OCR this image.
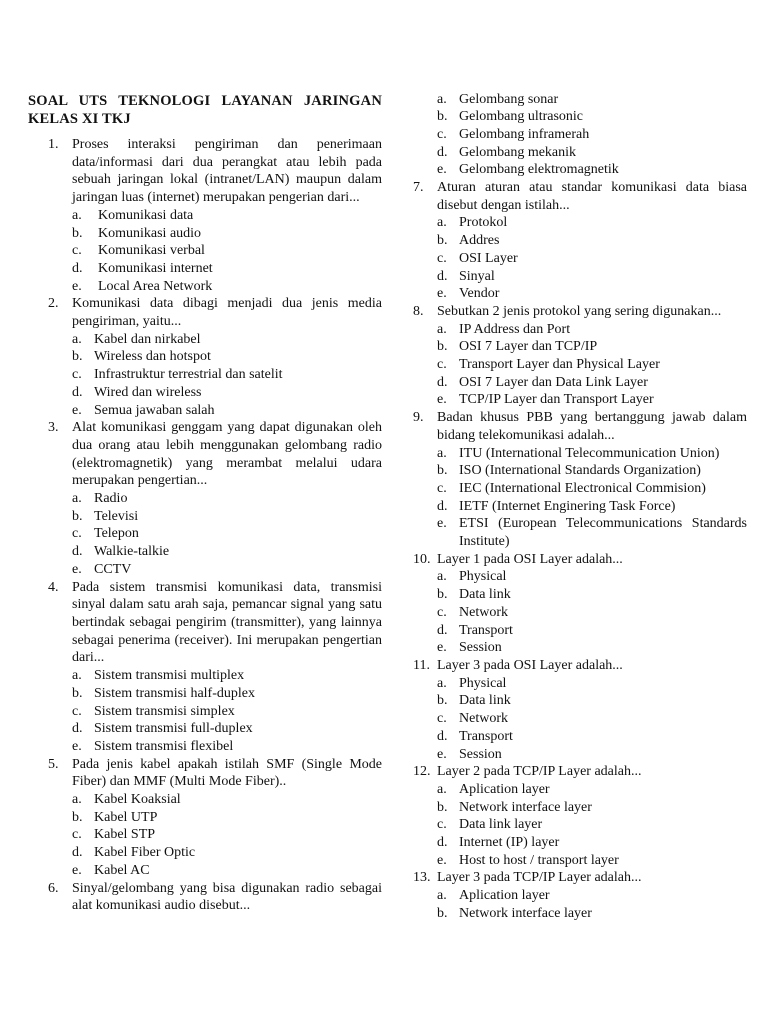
SOAL UTS TEKNOLOGI LAYANAN JARINGAN
KELAS XI TKJ
1. Proses interaksi pengiriman dan penerimaan data/informasi dari dua perangkat atau lebih pada sebuah jaringan lokal (intranet/LAN) maupun dalam jaringan luas (internet) merupakan pengerian dari...
a. Komunikasi data
b. Komunikasi audio
c. Komunikasi verbal
d. Komunikasi internet
e. Local Area Network
2. Komunikasi data dibagi menjadi dua jenis media pengiriman, yaitu...
a. Kabel dan nirkabel
b. Wireless dan hotspot
c. Infrastruktur terrestrial dan satelit
d. Wired dan wireless
e. Semua jawaban salah
3. Alat komunikasi genggam yang dapat digunakan oleh dua orang atau lebih menggunakan gelombang radio (elektromagnetik) yang merambat melalui udara merupakan pengertian...
a. Radio
b. Televisi
c. Telepon
d. Walkie-talkie
e. CCTV
4. Pada sistem transmisi komunikasi data, transmisi sinyal dalam satu arah saja, pemancar signal yang satu bertindak sebagai pengirim (transmitter), yang lainnya sebagai penerima (receiver). Ini merupakan pengertian dari...
a. Sistem transmisi multiplex
b. Sistem transmisi half-duplex
c. Sistem transmisi simplex
d. Sistem transmisi full-duplex
e. Sistem transmisi flexibel
5. Pada jenis kabel apakah istilah SMF (Single Mode Fiber) dan MMF (Multi Mode Fiber)..
a. Kabel Koaksial
b. Kabel UTP
c. Kabel STP
d. Kabel Fiber Optic
e. Kabel AC
6. Sinyal/gelombang yang bisa digunakan radio sebagai alat komunikasi audio disebut...
a. Gelombang sonar
b. Gelombang ultrasonic
c. Gelombang inframerah
d. Gelombang mekanik
e. Gelombang elektromagnetik
7. Aturan aturan atau standar komunikasi data biasa disebut dengan istilah...
a. Protokol
b. Addres
c. OSI Layer
d. Sinyal
e. Vendor
8. Sebutkan 2 jenis protokol yang sering digunakan...
a. IP Address dan Port
b. OSI 7 Layer dan TCP/IP
c. Transport Layer dan Physical Layer
d. OSI 7 Layer dan Data Link Layer
e. TCP/IP Layer dan Transport Layer
9. Badan khusus PBB yang bertanggung jawab dalam bidang telekomunikasi adalah...
a. ITU (International Telecommunication Union)
b. ISO (International Standards Organization)
c. IEC (International Electronical Commision)
d. IETF (Internet Enginering Task Force)
e. ETSI (European Telecommunications Standards Institute)
10. Layer 1 pada OSI Layer adalah...
a. Physical
b. Data link
c. Network
d. Transport
e. Session
11. Layer 3 pada OSI Layer adalah...
a. Physical
b. Data link
c. Network
d. Transport
e. Session
12. Layer 2 pada TCP/IP Layer adalah...
a. Aplication layer
b. Network interface layer
c. Data link layer
d. Internet (IP) layer
e. Host to host / transport layer
13. Layer 3 pada TCP/IP Layer adalah...
a. Aplication layer
b. Network interface layer
